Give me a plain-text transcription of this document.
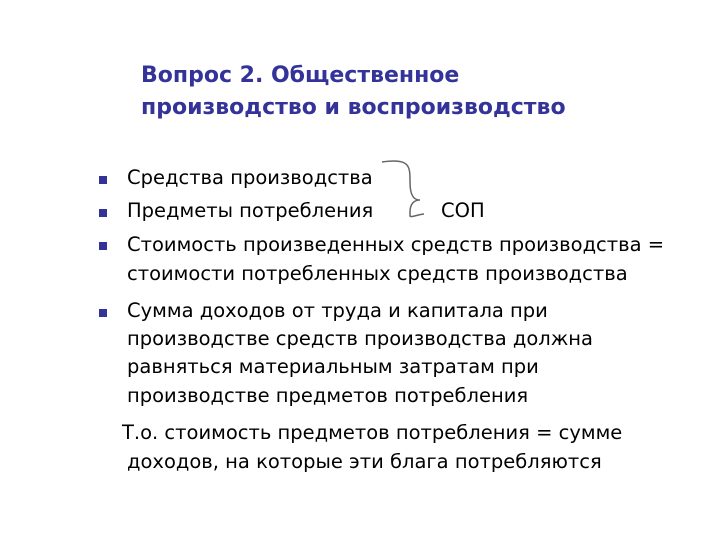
Вопрос 2. Общественное
производство и воспроизводство
Средства производства
Предметы потребления	СОП
Стоимость произведенных средств производства =
стоимости потребленных средств производства
Сумма доходов от труда и капитала при
производстве средств производства должна
равняться материальным затратам при
производстве предметов потребления
Т.о. стоимость предметов потребления = сумме
доходов, на которые эти блага потребляются
